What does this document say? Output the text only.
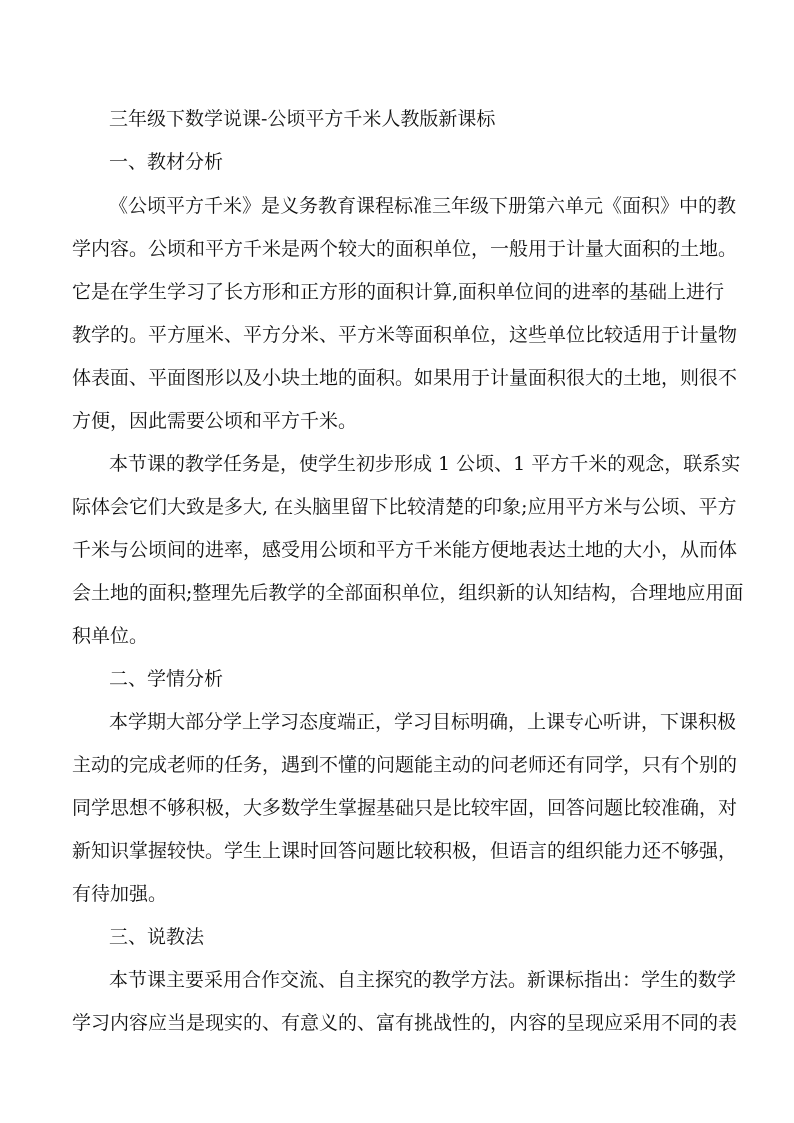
三年级下数学说课-公顷平方千米人教版新课标
一、教材分析
《公顷平方千米》是义务教育课程标准三年级下册第六单元《面积》中的教
学内容。公顷和平方千米是两个较大的面积单位，一般用于计量大面积的土地。
它是在学生学习了长方形和正方形的面积计算,面积单位间的进率的基础上进行
教学的。平方厘米、平方分米、平方米等面积单位，这些单位比较适用于计量物
体表面、平面图形以及小块土地的面积。如果用于计量面积很大的土地，则很不
方便，因此需要公顷和平方千米。
本节课的教学任务是，使学生初步形成 1 公顷、1 平方千米的观念，联系实
际体会它们大致是多大, 在头脑里留下比较清楚的印象;应用平方米与公顷、平方
千米与公顷间的进率，感受用公顷和平方千米能方便地表达土地的大小，从而体
会土地的面积;整理先后教学的全部面积单位，组织新的认知结构，合理地应用面
积单位。
二、学情分析
本学期大部分学上学习态度端正，学习目标明确，上课专心听讲，下课积极
主动的完成老师的任务，遇到不懂的问题能主动的问老师还有同学，只有个别的
同学思想不够积极，大多数学生掌握基础只是比较牢固，回答问题比较准确，对
新知识掌握较快。学生上课时回答问题比较积极，但语言的组织能力还不够强，
有待加强。
三、说教法
本节课主要采用合作交流、自主探究的教学方法。新课标指出：学生的数学
学习内容应当是现实的、有意义的、富有挑战性的，内容的呈现应采用不同的表
